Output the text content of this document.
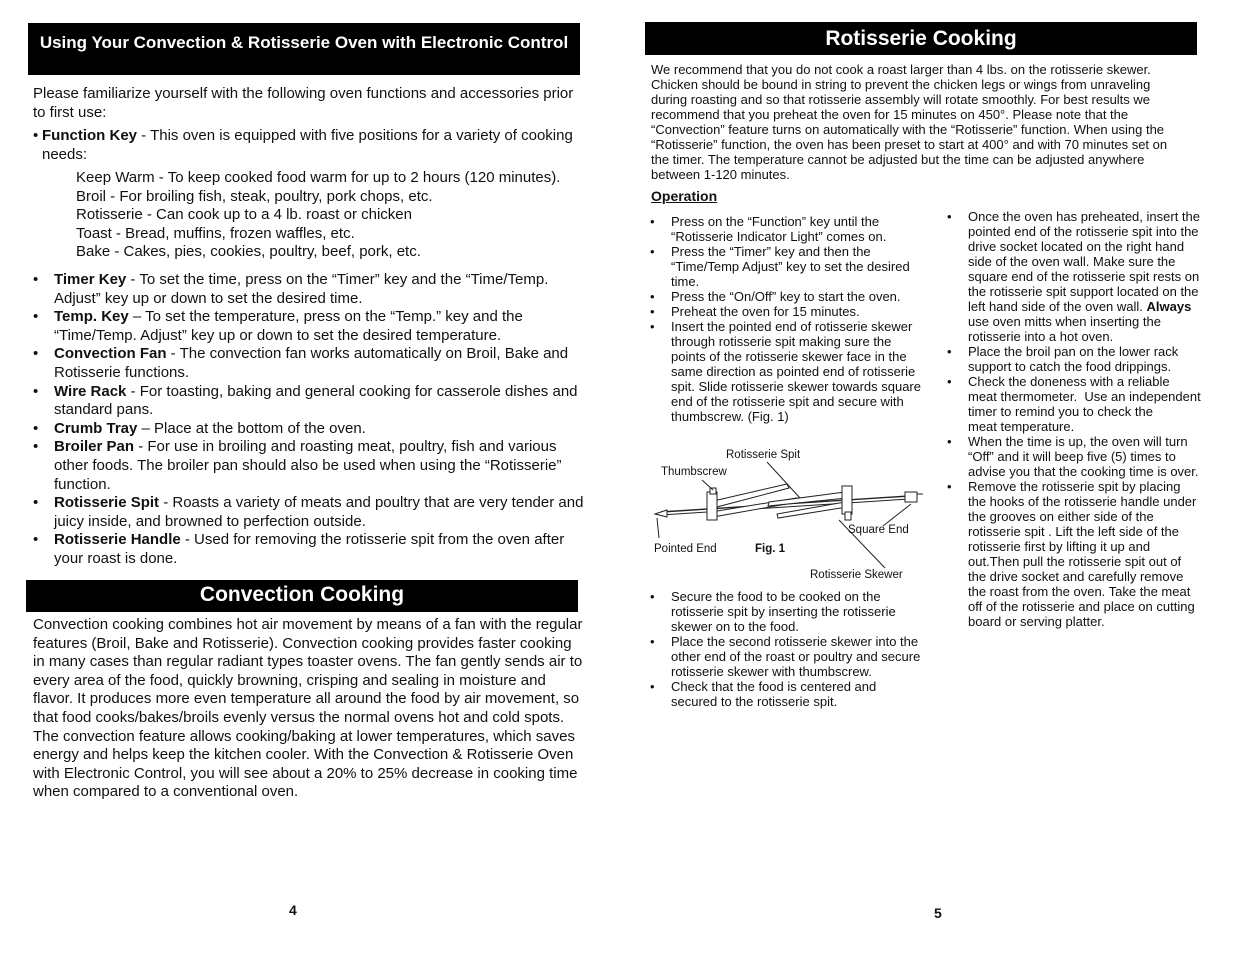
Using Your Convection & Rotisserie Oven with Electronic Control
Please familiarize yourself with the following oven functions and accessories prior to first use:
• Function Key - This oven is equipped with five positions for a variety of cooking needs:
Keep Warm - To keep cooked food warm for up to 2 hours (120 minutes).
Broil - For broiling fish, steak, poultry, pork chops, etc.
Rotisserie - Can cook up to a 4 lb. roast or chicken
Toast - Bread, muffins, frozen waffles, etc.
Bake - Cakes, pies, cookies, poultry, beef, pork, etc.
• Timer Key - To set the time, press on the “Timer” key and the “Time/Temp. Adjust” key up or down to set the desired time.
• Temp. Key – To set the temperature, press on the “Temp.” key and the “Time/Temp. Adjust” key up or down to set the desired temperature.
• Convection Fan - The convection fan works automatically on Broil, Bake and Rotisserie functions.
• Wire Rack - For toasting, baking and general cooking for casserole dishes and standard pans.
• Crumb Tray – Place at the bottom of the oven.
• Broiler Pan - For use in broiling and roasting meat, poultry, fish and various other foods. The broiler pan should also be used when using the “Rotisserie” function.
• Rotisserie Spit - Roasts a variety of meats and poultry that are very tender and juicy inside, and browned to perfection outside.
• Rotisserie Handle - Used for removing the rotisserie spit from the oven after your roast is done.
Convection Cooking
Convection cooking combines hot air movement by means of a fan with the regular features (Broil, Bake and Rotisserie). Convection cooking provides faster cooking in many cases than regular radiant types toaster ovens. The fan gently sends air to every area of the food, quickly browning, crisping and sealing in moisture and flavor. It produces more even temperature all around the food by air movement, so that food cooks/bakes/broils evenly versus the normal ovens hot and cold spots. The convection feature allows cooking/baking at lower temperatures, which saves energy and helps keep the kitchen cooler. With the Convection & Rotisserie Oven with Electronic Control, you will see about a 20% to 25% decrease in cooking time when compared to a conventional oven.
4
Rotisserie Cooking
We recommend that you do not cook a roast larger than 4 lbs. on the rotisserie skewer. Chicken should be bound in string to prevent the chicken legs or wings from unraveling during roasting and so that rotisserie assembly will rotate smoothly. For best results we recommend that you preheat the oven for 15 minutes on 450°. Please note that the “Convection” feature turns on automatically with the “Rotisserie” function. When using the “Rotisserie” function, the oven has been preset to start at 400° and with 70 minutes set on the timer. The temperature cannot be adjusted but the time can be adjusted anywhere between 1-120 minutes.
Operation
• Press on the “Function” key until the “Rotisserie Indicator Light” comes on.
• Press the “Timer” key and then the “Time/Temp Adjust” key to set the desired time.
• Press the “On/Off” key to start the oven.
• Preheat the oven for 15 minutes.
• Insert the pointed end of rotisserie skewer through rotisserie spit making sure the points of the rotisserie skewer face in the same direction as pointed end of rotisserie spit. Slide rotisserie skewer towards square end of the rotisserie spit and secure with thumbscrew. (Fig. 1)
Rotisserie Spit
Thumbscrew
Square End
Pointed End	Fig. 1
Rotisserie Skewer
• Secure the food to be cooked on the rotisserie spit by inserting the rotisserie skewer on to the food.
• Place the second rotisserie skewer into the other end of the roast or poultry and secure rotisserie skewer with thumbscrew.
• Check that the food is centered and secured to the rotisserie spit.
• Once the oven has preheated, insert the pointed end of the rotisserie spit into the drive socket located on the right hand side of the oven wall. Make sure the square end of the rotisserie spit rests on the rotisserie spit support located on the left hand side of the oven wall. Always use oven mitts when inserting the rotisserie into a hot oven.
• Place the broil pan on the lower rack support to catch the food drippings.
• Check the doneness with a reliable meat thermometer.  Use an independent timer to remind you to check the        meat temperature.
• When the time is up, the oven will turn “Off” and it will beep five (5) times to advise you that the cooking time is over.
• Remove the rotisserie spit by placing the hooks of the rotisserie handle under the grooves on either side of the rotisserie spit . Lift the left side of the rotisserie first by lifting it up and out.Then pull the rotisserie spit out of the drive socket and carefully remove the roast from the oven. Take the meat off of the rotisserie and place on cutting board or serving platter.
5
